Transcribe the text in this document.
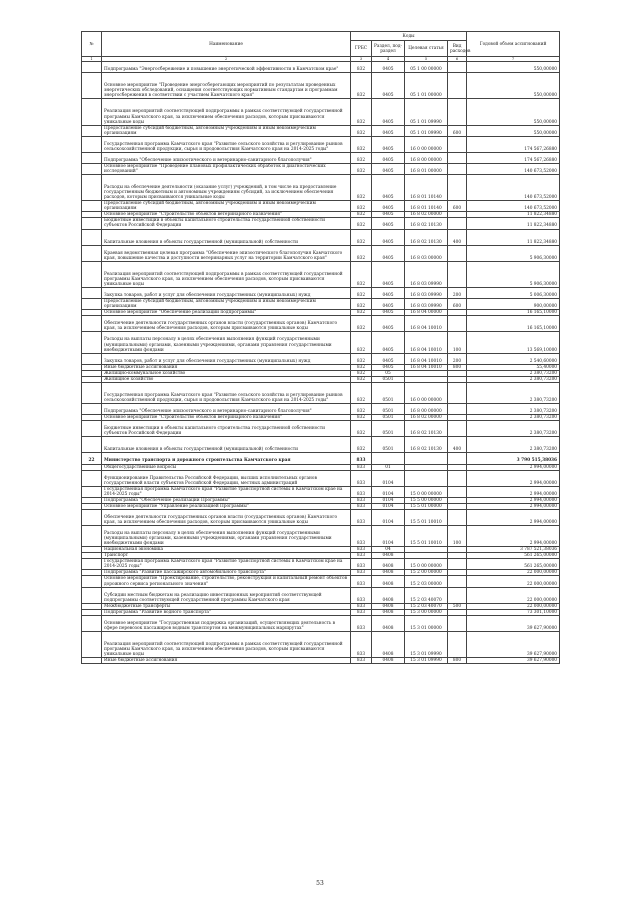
№	Наименование	Коды				Годовой объем ассигнований
		ГРБС	Раздел, под-раздел	Целевая статья	Вид расходов	
1	2	3	4	5	6	7
	Подпрограмма "Энергосбережение и повышение энергетической эффективности в Камчатском крае"	832	0405	05 1 00 00000		550,00000
	Основное мероприятие "Проведение энергосберегающих мероприятий по результатам проведенных энергетических обследований, оснащения соответствующих нормативным стандартам и программам энергосбережения в соответствии с участием Камчатского края"	832	0405	05 1 01 00000		550,00000
	Реализация мероприятий соответствующей подпрограммы в рамках соответствующей государственной программы Камчатского края, за исключением обеспечения расходов, которым присваиваются уникальные коды	832	0405	05 1 01 09990		550,00000
	Предоставление субсидий бюджетным, автономным учреждениям и иным некоммерческим организациям	832	0405	05 1 01 09990	600	550,00000
	Государственная программа Камчатского края "Развитие сельского хозяйства и регулирование рынков сельскохозяйственной продукции, сырья и продовольствия Камчатского края на 2014-2025 годы"	832	0405	16 0 00 00000		174 567,26880
	Подпрограмма "Обеспечение эпизоотического и ветеринарно-санитарного благополучия"	832	0405	16 8 00 00000		174 567,26880
	Основное мероприятие "Проведение плановых профилактических обработок и диагностических исследований"	832	0405	16 8 01 00000		140 673,52000
	Расходы на обеспечение деятельности (оказание услуг) учреждений, в том числе на предоставление государственным бюджетным и автономным учреждениям субсидий, за исключением обеспечения расходов, которым присваиваются уникальные коды	832	0405	16 8 01 10140		140 673,52000
	Предоставление субсидий бюджетным, автономным учреждениям и иным некоммерческим организациям	832	0405	16 8 01 10140	600	140 673,52000
	Основное мероприятие "Строительство объектов ветеринарного назначения"	832	0405	16 8 02 00000		11 822,34880
	Бюджетные инвестиции в объекты капитального строительства государственной собственности субъектов Российской Федерации	832	0405	16 8 02 10130		11 822,34880
	Капитальные вложения в объекты государственной (муниципальной) собственности	832	0405	16 8 02 10130	400	11 822,34880
	Краевая ведомственная целевая программа "Обеспечение эпизоотического благополучия Камчатского края, повышение качества и доступности ветеринарных услуг на территории Камчатского края"	832	0405	16 8 03 00000		5 906,30000
	Реализация мероприятий соответствующей подпрограммы в рамках соответствующей государственной программы Камчатского края, за исключением обеспечения расходов, которым присваиваются уникальные коды	832	0405	16 8 03 09990		5 906,30000
	Закупка товаров, работ и услуг для обеспечения государственных (муниципальных) нужд	832	0405	16 8 03 09990	200	5 006,30000
	Предоставление субсидий бюджетным, автономным учреждениям и иным некоммерческим организациям	832	0405	16 8 03 09990	600	900,00000
	Основное мероприятие "Обеспечение реализации подпрограммы"	832	0405	16 8 04 00000		16 165,10000
	Обеспечение деятельности государственных органов власти (государственных органов) Камчатского края, за исключением обеспечения расходов, которым присваиваются уникальные коды	832	0405	16 8 04 10010		16 165,10000
	Расходы на выплаты персоналу в целях обеспечения выполнения функций государственными (муниципальными) органами, казенными учреждениями, органами управления государственными внебюджетными фондами	832	0405	16 8 04 10010	100	13 569,10000
	Закупка товаров, работ и услуг для обеспечения государственных (муниципальных) нужд	832	0405	16 8 04 10010	200	2 540,60000
	Иные бюджетные ассигнования	832	0405	16 8 04 10010	800	55,40000
	Жилищно-коммунальное хозяйство	832	05			2 380,73200
	Жилищное хозяйство	832	0501			2 380,73200
	Государственная программа Камчатского края "Развитие сельского хозяйства и регулирование рынков сельскохозяйственной продукции, сырья и продовольствия Камчатского края на 2014-2025 годы"	832	0501	16 0 00 00000		2 380,73200
	Подпрограмма "Обеспечение эпизоотического и ветеринарно-санитарного благополучия"	832	0501	16 8 00 00000		2 380,73200
	Основное мероприятие "Строительство объектов ветеринарного назначения"	832	0501	16 8 02 00000		2 380,73200
	Бюджетные инвестиции в объекты капитального строительства государственной собственности субъектов Российской Федерации	832	0501	16 8 02 10130		2 380,73200
	Капитальные вложения в объекты государственной (муниципальной) собственности	832	0501	16 8 02 10130	400	2 380,73200
22	Министерство транспорта и дорожного строительства Камчатского края	833				3 790 515,38036
	Общегосударственные вопросы	833	01			2 994,00000
	Функционирование Правительства Российской Федерации, высших исполнительных органов государственной власти субъектов Российской Федерации, местных администраций	833	0104			2 994,00000
	Государственная программа Камчатского края "Развитие транспортной системы в Камчатском крае на 2014-2025 годы"	833	0104	15 0 00 00000		2 994,00000
	Подпрограмма "Обеспечение реализации Программы"	833	0104	15 5 00 00000		2 994,00000
	Основное мероприятие "Управление реализацией Программы"	833	0104	15 5 01 00000		2 994,00000
	Обеспечение деятельности государственных органов власти (государственных органов) Камчатского края, за исключением обеспечения расходов, которым присваиваются уникальные коды	833	0104	15 5 01 10010		2 994,00000
	Расходы на выплаты персоналу в целях обеспечения выполнения функций государственными (муниципальными) органами, казенными учреждениями, органами управления государственными внебюджетными фондами	833	0104	15 5 01 10010	100	2 994,00000
	Национальная экономика	833	04			3 787 521,38036
	Транспорт	833	0408			561 265,00000
	Государственная программа Камчатского края "Развитие транспортной системы в Камчатском крае на 2014-2025 годы"	833	0408	15 0 00 00000		561 265,00000
	Подпрограмма "Развитие пассажирского автомобильного транспорта"	833	0408	15 2 00 00000		22 000,00000
	Основное мероприятие "Проектирование, строительство, реконструкция и капитальный ремонт объектов дорожного сервиса регионального значения"	833	0408	15 2 03 00000		22 000,00000
	Субсидии местным бюджетам на реализацию инвестиционных мероприятий соответствующей подпрограммы соответствующей государственной программы Камчатского края	833	0408	15 2 03 40070		22 000,00000
	Межбюджетные трансферты	833	0408	15 2 03 40070	500	22 000,00000
	Подпрограмма "Развитие водного транспорта"	833	0408	15 3 00 00000		73 301,10000
	Основное мероприятие "Государственная поддержка организаций, осуществляющих деятельность в сфере перевозок пассажиров водным транспортом на межмуниципальных маршрутах"	833	0408	15 3 01 00000		39 627,90000
	Реализация мероприятий соответствующей подпрограммы в рамках соответствующей государственной программы Камчатского края, за исключением обеспечения расходов, которым присваиваются уникальные коды	833	0408	15 3 01 09990		39 627,90000
	Иные бюджетные ассигнования	833	0408	15 3 01 09990	800	39 627,90000
53
